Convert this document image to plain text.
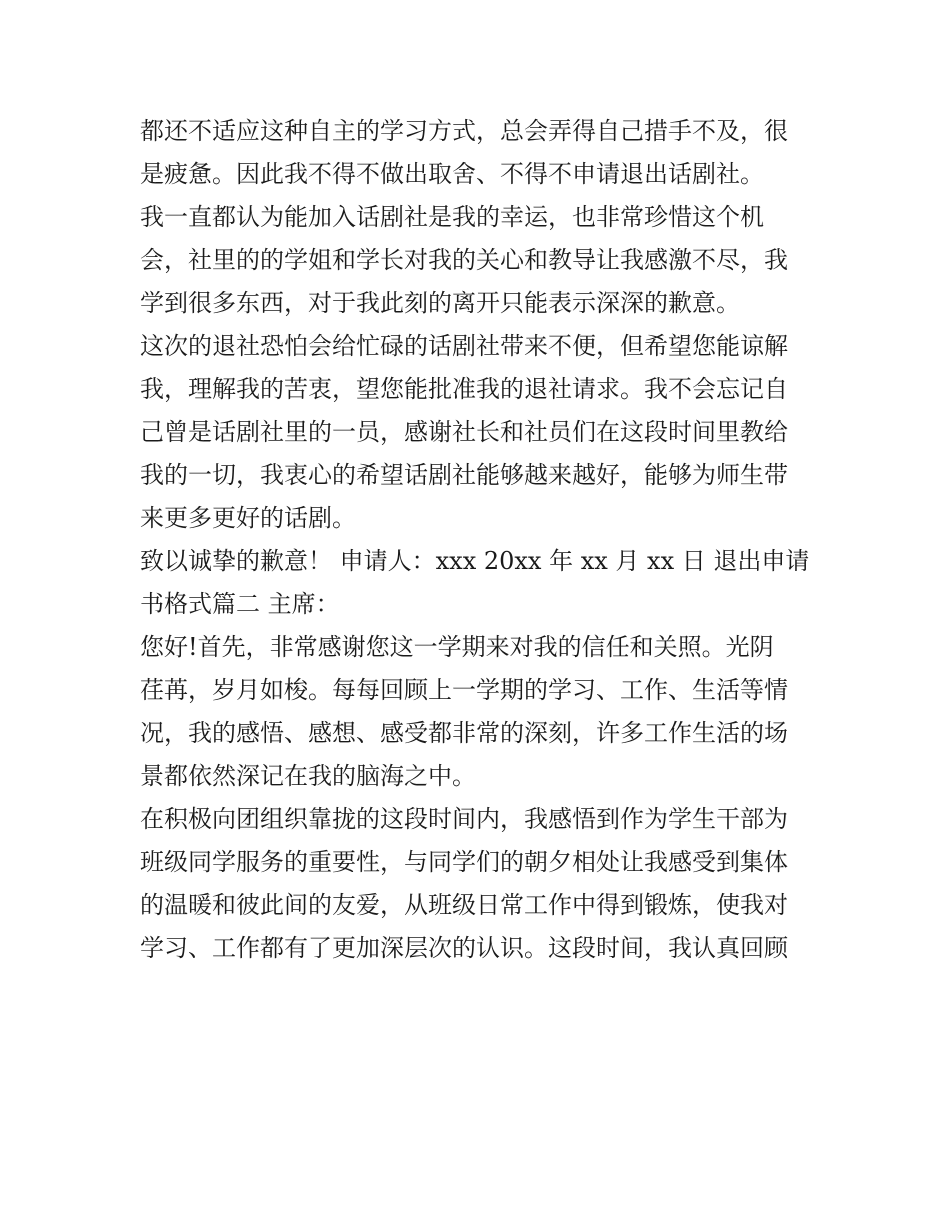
都还不适应这种自主的学习方式，总会弄得自己措手不及，很
是疲惫。因此我不得不做出取舍、不得不申请退出话剧社。
我一直都认为能加入话剧社是我的幸运，也非常珍惜这个机
会，社里的的学姐和学长对我的关心和教导让我感激不尽，我
学到很多东西，对于我此刻的离开只能表示深深的歉意。
这次的退社恐怕会给忙碌的话剧社带来不便，但希望您能谅解
我，理解我的苦衷，望您能批准我的退社请求。我不会忘记自
己曾是话剧社里的一员，感谢社长和社员们在这段时间里教给
我的一切，我衷心的希望话剧社能够越来越好，能够为师生带
来更多更好的话剧。
致以诚挚的歉意！ 申请人：xxx 20xx 年 xx 月 xx 日 退出申请
书格式篇二 主席：
您好!首先，非常感谢您这一学期来对我的信任和关照。光阴
荏苒，岁月如梭。每每回顾上一学期的学习、工作、生活等情
况，我的感悟、感想、感受都非常的深刻，许多工作生活的场
景都依然深记在我的脑海之中。
在积极向团组织靠拢的这段时间内，我感悟到作为学生干部为
班级同学服务的重要性，与同学们的朝夕相处让我感受到集体
的温暖和彼此间的友爱，从班级日常工作中得到锻炼，使我对
学习、工作都有了更加深层次的认识。这段时间，我认真回顾
